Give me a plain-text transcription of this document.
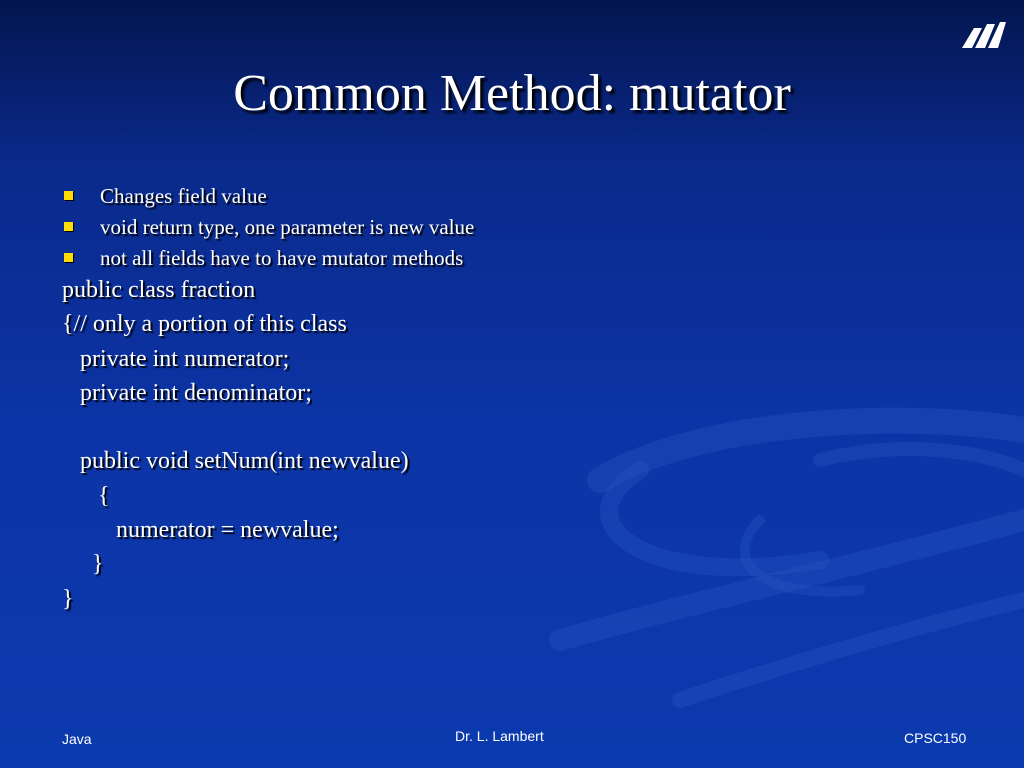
Common Method: mutator
Changes field value
void return type, one parameter is new value
not all fields have to have mutator methods
public class fraction
{// only a portion of this class
private int numerator;
private int denominator;
public void setNum(int newvalue)
{
numerator = newvalue;
}
}
Java	Dr. L. Lambert	CPSC150
